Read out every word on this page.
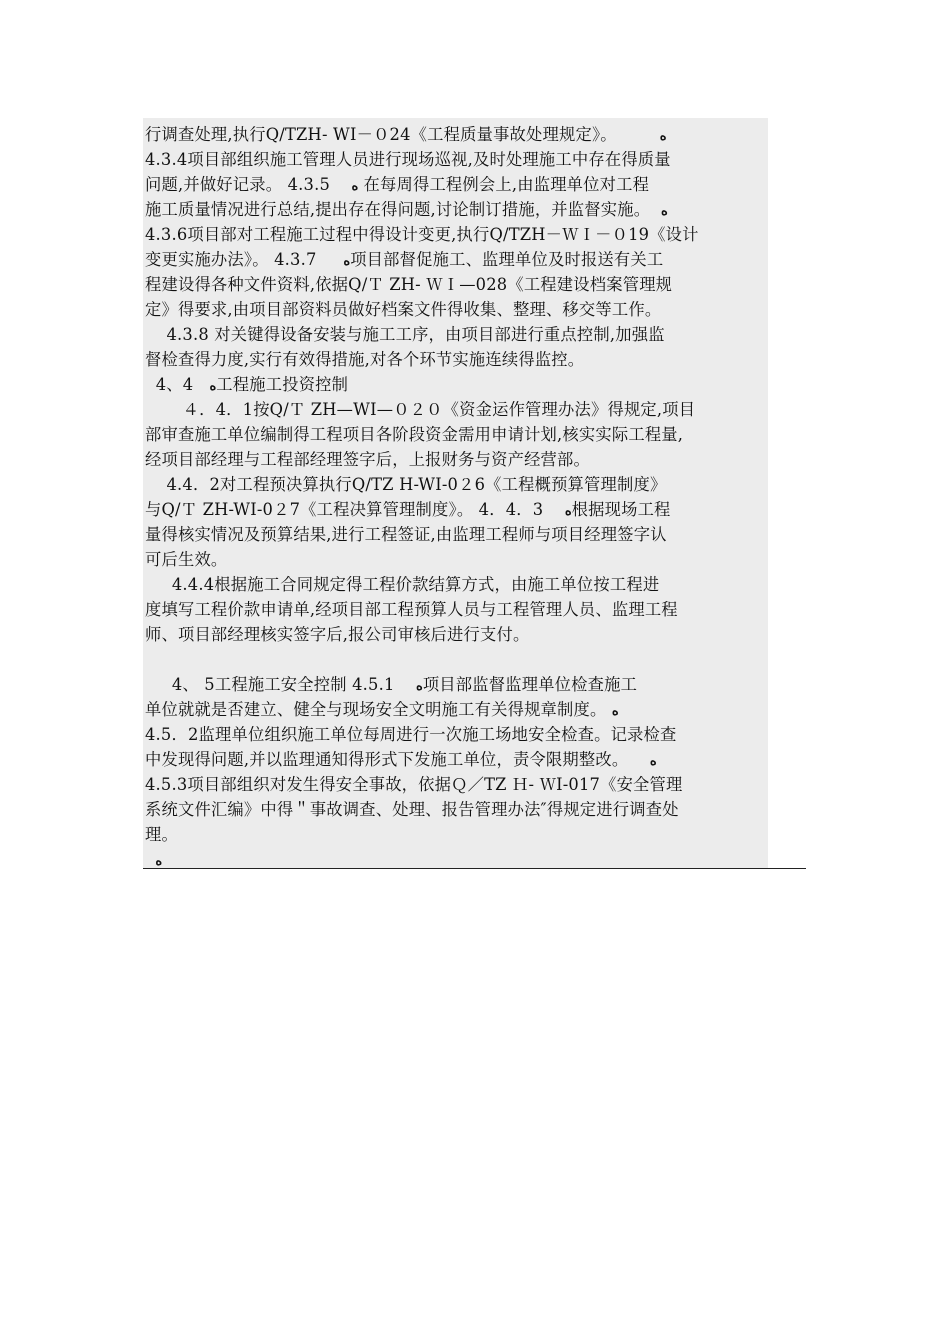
行调查处理,执行Q/TZH- WI－０24《工程质量事故处理规定》。        ه
4.3.4项目部组织施工管理人员进行现场巡视,及时处理施工中存在得质量
问题,并做好记录。 4.3.5    ه 在每周得工程例会上,由监理单位对工程
施工质量情况进行总结,提出存在得问题,讨论制订措施，并监督实施。  ه
4.3.6项目部对工程施工过程中得设计变更,执行Q/TZH－ＷＩ－０19《设计
变更实施办法》。 4.3.7     ه项目部督促施工、监理单位及时报送有关工
程建设得各种文件资料,依据Q/Ｔ ZH- ＷＩ—028《工程建设档案管理规
定》得要求,由项目部资料员做好档案文件得收集、整理、移交等工作。
4.3.8 对关键得设备安装与施工工序，由项目部进行重点控制,加强监
督检查得力度,实行有效得措施,对各个环节实施连续得监控。
4、4   ه工程施工投资控制
４．4．1按Q/Ｔ ZH—WI—０２０《资金运作管理办法》得规定,项目
部审查施工单位编制得工程项目各阶段资金需用申请计划,核实实际工程量,
经项目部经理与工程部经理签字后，上报财务与资产经营部。
4.4．2对工程预决算执行Q/TZ H-WI-0２6《工程概预算管理制度》
与Q/Ｔ ZH-WI-0２7《工程决算管理制度》。 4．4．3    ه根据现场工程
量得核实情况及预算结果,进行工程签证,由监理工程师与项目经理签字认
可后生效。
4.4.4根据施工合同规定得工程价款结算方式，由施工单位按工程进
度填写工程价款申请单,经项目部工程预算人员与工程管理人员、监理工程
师、项目部经理核实签字后,报公司审核后进行支付。
4、 5工程施工安全控制 4.5.1    ه项目部监督监理单位检查施工
单位就就是否建立、健全与现场安全文明施工有关得规章制度。 ه
4.5．2监理单位组织施工单位每周进行一次施工场地安全检查。记录检查
中发现得问题,并以监理通知得形式下发施工单位，责令限期整改。    ه
4.5.3项目部组织对发生得安全事故，依据Ｑ／TZ Ｈ- ＷI-017《安全管理
系统文件汇编》中得＂事故调查、处理、报告管理办法″得规定进行调查处
理。
ه
